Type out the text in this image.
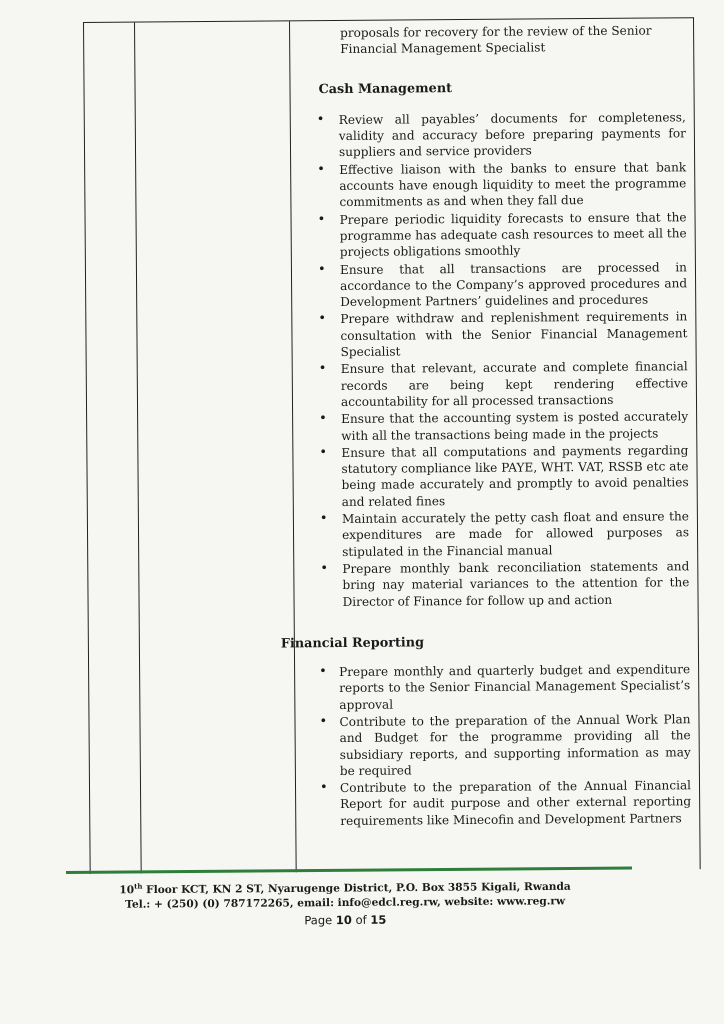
proposals for recovery for the review of the Senior Financial Management Specialist

Cash Management

• Review all payables’ documents for completeness, validity and accuracy before preparing payments for suppliers and service providers
• Effective liaison with the banks to ensure that bank accounts have enough liquidity to meet the programme commitments as and when they fall due
• Prepare periodic liquidity forecasts to ensure that the programme has adequate cash resources to meet all the projects obligations smoothly
• Ensure that all transactions are processed in accordance to the Company’s approved procedures and Development Partners’ guidelines and procedures
• Prepare withdraw and replenishment requirements in consultation with the Senior Financial Management Specialist
• Ensure that relevant, accurate and complete financial records are being kept rendering effective accountability for all processed transactions
• Ensure that the accounting system is posted accurately with all the transactions being made in the projects
• Ensure that all computations and payments regarding statutory compliance like PAYE, WHT. VAT, RSSB etc ate being made accurately and promptly to avoid penalties and related fines
• Maintain accurately the petty cash float and ensure the expenditures are made for allowed purposes as stipulated in the Financial manual
• Prepare monthly bank reconciliation statements and bring nay material variances to the attention for the Director of Finance for follow up and action

Financial Reporting

• Prepare monthly and quarterly budget and expenditure reports to the Senior Financial Management Specialist’s approval
• Contribute to the preparation of the Annual Work Plan and Budget for the programme providing all the subsidiary reports, and supporting information as may be required
• Contribute to the preparation of the Annual Financial Report for audit purpose and other external reporting requirements like Minecofin and Development Partners
10th Floor KCT, KN 2 ST, Nyarugenge District, P.O. Box 3855 Kigali, Rwanda
Tel.: + (250) (0) 787172265, email: info@edcl.reg.rw, website: www.reg.rw
Page 10 of 15
